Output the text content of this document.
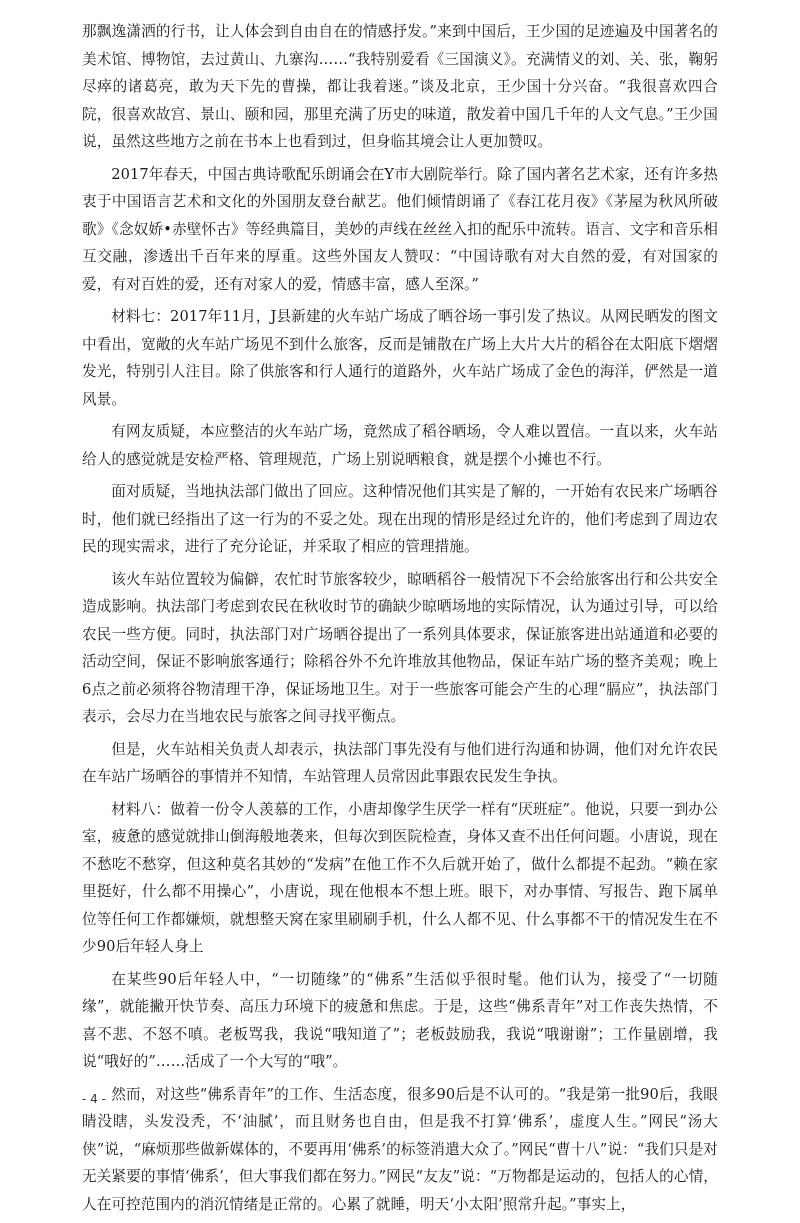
那飘逸潇洒的行书，让人体会到自由自在的情感抒发。”来到中国后，王少国的足迹遍及中国著名的美术馆、博物馆，去过黄山、九寨沟……“我特别爱看《三国演义》。充满情义的刘、关、张，鞠躬尽瘁的诸葛亮，敢为天下先的曹操，都让我着迷。”谈及北京，王少国十分兴奋。“我很喜欢四合院，很喜欢故宫、景山、颐和园，那里充满了历史的味道，散发着中国几千年的人文气息。”王少国说，虽然这些地方之前在书本上也看到过，但身临其境会让人更加赞叹。

2017年春天，中国古典诗歌配乐朗诵会在Y市大剧院举行。除了国内著名艺术家，还有许多热衷于中国语言艺术和文化的外国朋友登台献艺。他们倾情朗诵了《春江花月夜》《茅屋为秋风所破歌》《念奴娇•赤壁怀古》等经典篇目，美妙的声线在丝丝入扣的配乐中流转。语言、文字和音乐相互交融，渗透出千百年来的厚重。这些外国友人赞叹：“中国诗歌有对大自然的爱，有对国家的爱，有对百姓的爱，还有对家人的爱，情感丰富，感人至深。”

材料七：2017年11月，J县新建的火车站广场成了晒谷场一事引发了热议。从网民晒发的图文中看出，宽敞的火车站广场见不到什么旅客，反而是铺散在广场上大片大片的稻谷在太阳底下熠熠发光，特别引人注目。除了供旅客和行人通行的道路外，火车站广场成了金色的海洋，俨然是一道风景。

有网友质疑，本应整洁的火车站广场，竟然成了稻谷晒场，令人难以置信。一直以来，火车站给人的感觉就是安检严格、管理规范，广场上别说晒粮食，就是摆个小摊也不行。

面对质疑，当地执法部门做出了回应。这种情况他们其实是了解的，一开始有农民来广场晒谷时，他们就已经指出了这一行为的不妥之处。现在出现的情形是经过允许的，他们考虑到了周边农民的现实需求，进行了充分论证，并采取了相应的管理措施。

该火车站位置较为偏僻，农忙时节旅客较少，晾晒稻谷一般情况下不会给旅客出行和公共安全造成影响。执法部门考虑到农民在秋收时节的确缺少晾晒场地的实际情况，认为通过引导，可以给农民一些方便。同时，执法部门对广场晒谷提出了一系列具体要求，保证旅客进出站通道和必要的活动空间，保证不影响旅客通行；除稻谷外不允许堆放其他物品，保证车站广场的整齐美观；晚上6点之前必须将谷物清理干净，保证场地卫生。对于一些旅客可能会产生的心理“膈应”，执法部门表示，会尽力在当地农民与旅客之间寻找平衡点。

但是，火车站相关负责人却表示，执法部门事先没有与他们进行沟通和协调，他们对允许农民在车站广场晒谷的事情并不知情，车站管理人员常因此事跟农民发生争执。

材料八：做着一份令人羡慕的工作，小唐却像学生厌学一样有“厌班症”。他说，只要一到办公室，疲惫的感觉就排山倒海般地袭来，但每次到医院检查，身体又查不出任何问题。小唐说，现在不愁吃不愁穿，但这种莫名其妙的“发病”在他工作不久后就开始了，做什么都提不起劲。“赖在家里挺好，什么都不用操心”，小唐说，现在他根本不想上班。眼下，对办事情、写报告、跑下属单位等任何工作都嫌烦，就想整天窝在家里刷刷手机，什么人都不见、什么事都不干的情况发生在不少90后年轻人身上

在某些90后年轻人中，“一切随缘”的“佛系”生活似乎很时髦。他们认为，接受了“一切随缘”，就能撇开快节奏、高压力环境下的疲惫和焦虑。于是，这些“佛系青年”对工作丧失热情，不喜不悲、不怒不嗔。老板骂我，我说“哦知道了”；老板鼓励我，我说“哦谢谢”；工作量剧增，我说“哦好的”……活成了一个大写的“哦”。

然而，对这些“佛系青年”的工作、生活态度，很多90后是不认可的。“我是第一批90后，我眼睛没瞎，头发没秃，不‘油腻’，而且财务也自由，但是我不打算‘佛系’，虚度人生。”网民“汤大侠”说，“麻烦那些做新媒体的，不要再用‘佛系’的标签消遣大众了。”网民“曹十八”说：“我们只是对无关紧要的事情‘佛系’，但大事我们都在努力。”网民“友友”说：“万物都是运动的，包括人的心情，人在可控范围内的消沉情绪是正常的。心累了就睡，明天‘小太阳’照常升起。”事实上，

- 4 -
